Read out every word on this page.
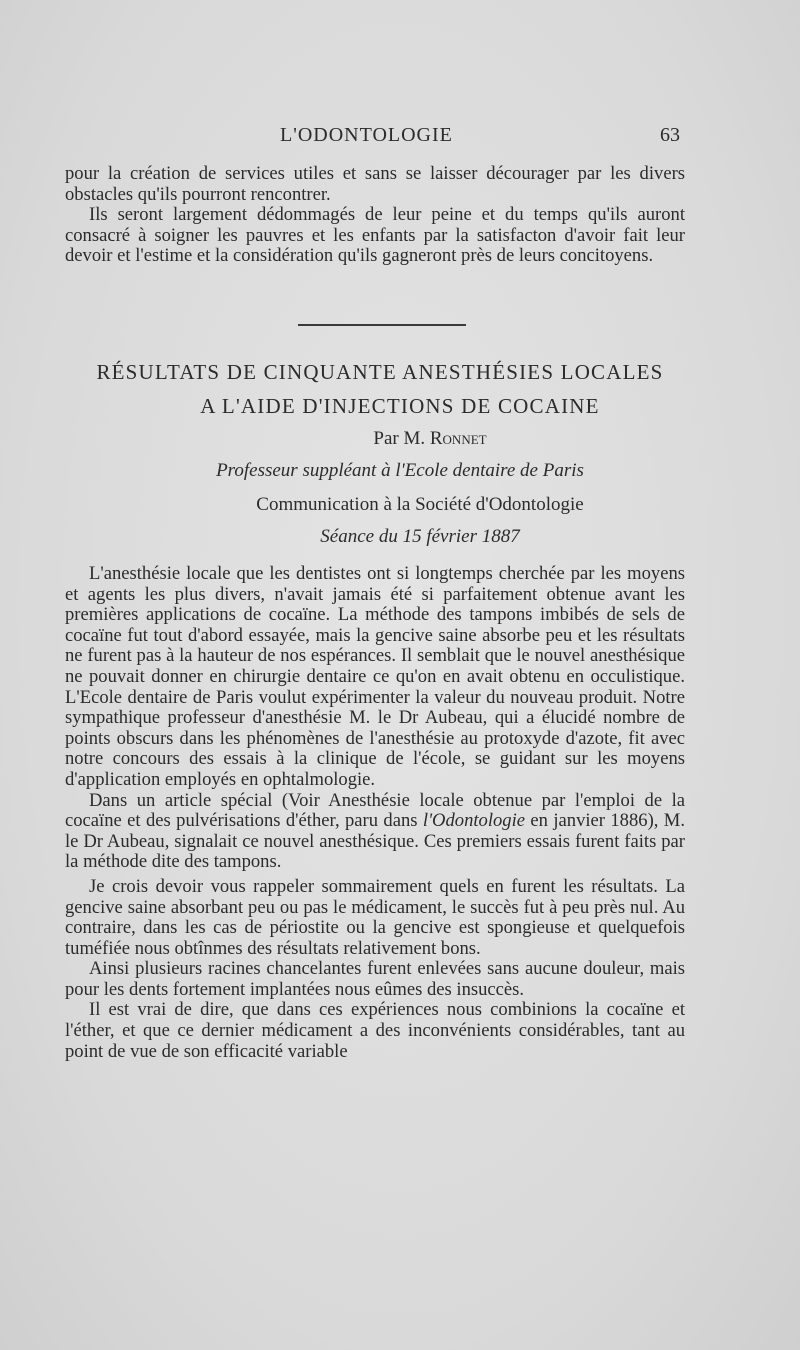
L'ODONTOLOGIE	63

pour la création de services utiles et sans se laisser décourager par les divers obstacles qu'ils pourront rencontrer.

Ils seront largement dédommagés de leur peine et du temps qu'ils auront consacré à soigner les pauvres et les enfants par la satisfacton d'avoir fait leur devoir et l'estime et la considération qu'ils gagneront près de leurs concitoyens.

RÉSULTATS DE CINQUANTE ANESTHÉSIES LOCALES
A L'AIDE D'INJECTIONS DE COCAINE
Par M. Ronnet
Professeur suppléant à l'Ecole dentaire de Paris
Communication à la Société d'Odontologie
Séance du 15 février 1887

L'anesthésie locale que les dentistes ont si longtemps cherchée par les moyens et agents les plus divers, n'avait jamais été si parfaitement obtenue avant les premières applications de cocaïne. La méthode des tampons imbibés de sels de cocaïne fut tout d'abord essayée, mais la gencive saine absorbe peu et les résultats ne furent pas à la hauteur de nos espérances. Il semblait que le nouvel anesthésique ne pouvait donner en chirurgie dentaire ce qu'on en avait obtenu en occulistique. L'Ecole dentaire de Paris voulut expérimenter la valeur du nouveau produit. Notre sympathique professeur d'anesthésie M. le Dr Aubeau, qui a élucidé nombre de points obscurs dans les phénomènes de l'anesthésie au protoxyde d'azote, fit avec notre concours des essais à la clinique de l'école, se guidant sur les moyens d'application employés en ophtalmologie.

Dans un article spécial (Voir Anesthésie locale obtenue par l'emploi de la cocaïne et des pulvérisations d'éther, paru dans l'Odontologie en janvier 1886), M. le Dr Aubeau, signalait ce nouvel anesthésique. Ces premiers essais furent faits par la méthode dite des tampons.

Je crois devoir vous rappeler sommairement quels en furent les résultats. La gencive saine absorbant peu ou pas le médicament, le succès fut à peu près nul. Au contraire, dans les cas de périostite ou la gencive est spongieuse et quelquefois tuméfiée nous obtînmes des résultats relativement bons.

Ainsi plusieurs racines chancelantes furent enlevées sans aucune douleur, mais pour les dents fortement implantées nous eûmes des insuccès.

Il est vrai de dire, que dans ces expériences nous combinions la cocaïne et l'éther, et que ce dernier médicament a des inconvénients considérables, tant au point de vue de son efficacité variable
